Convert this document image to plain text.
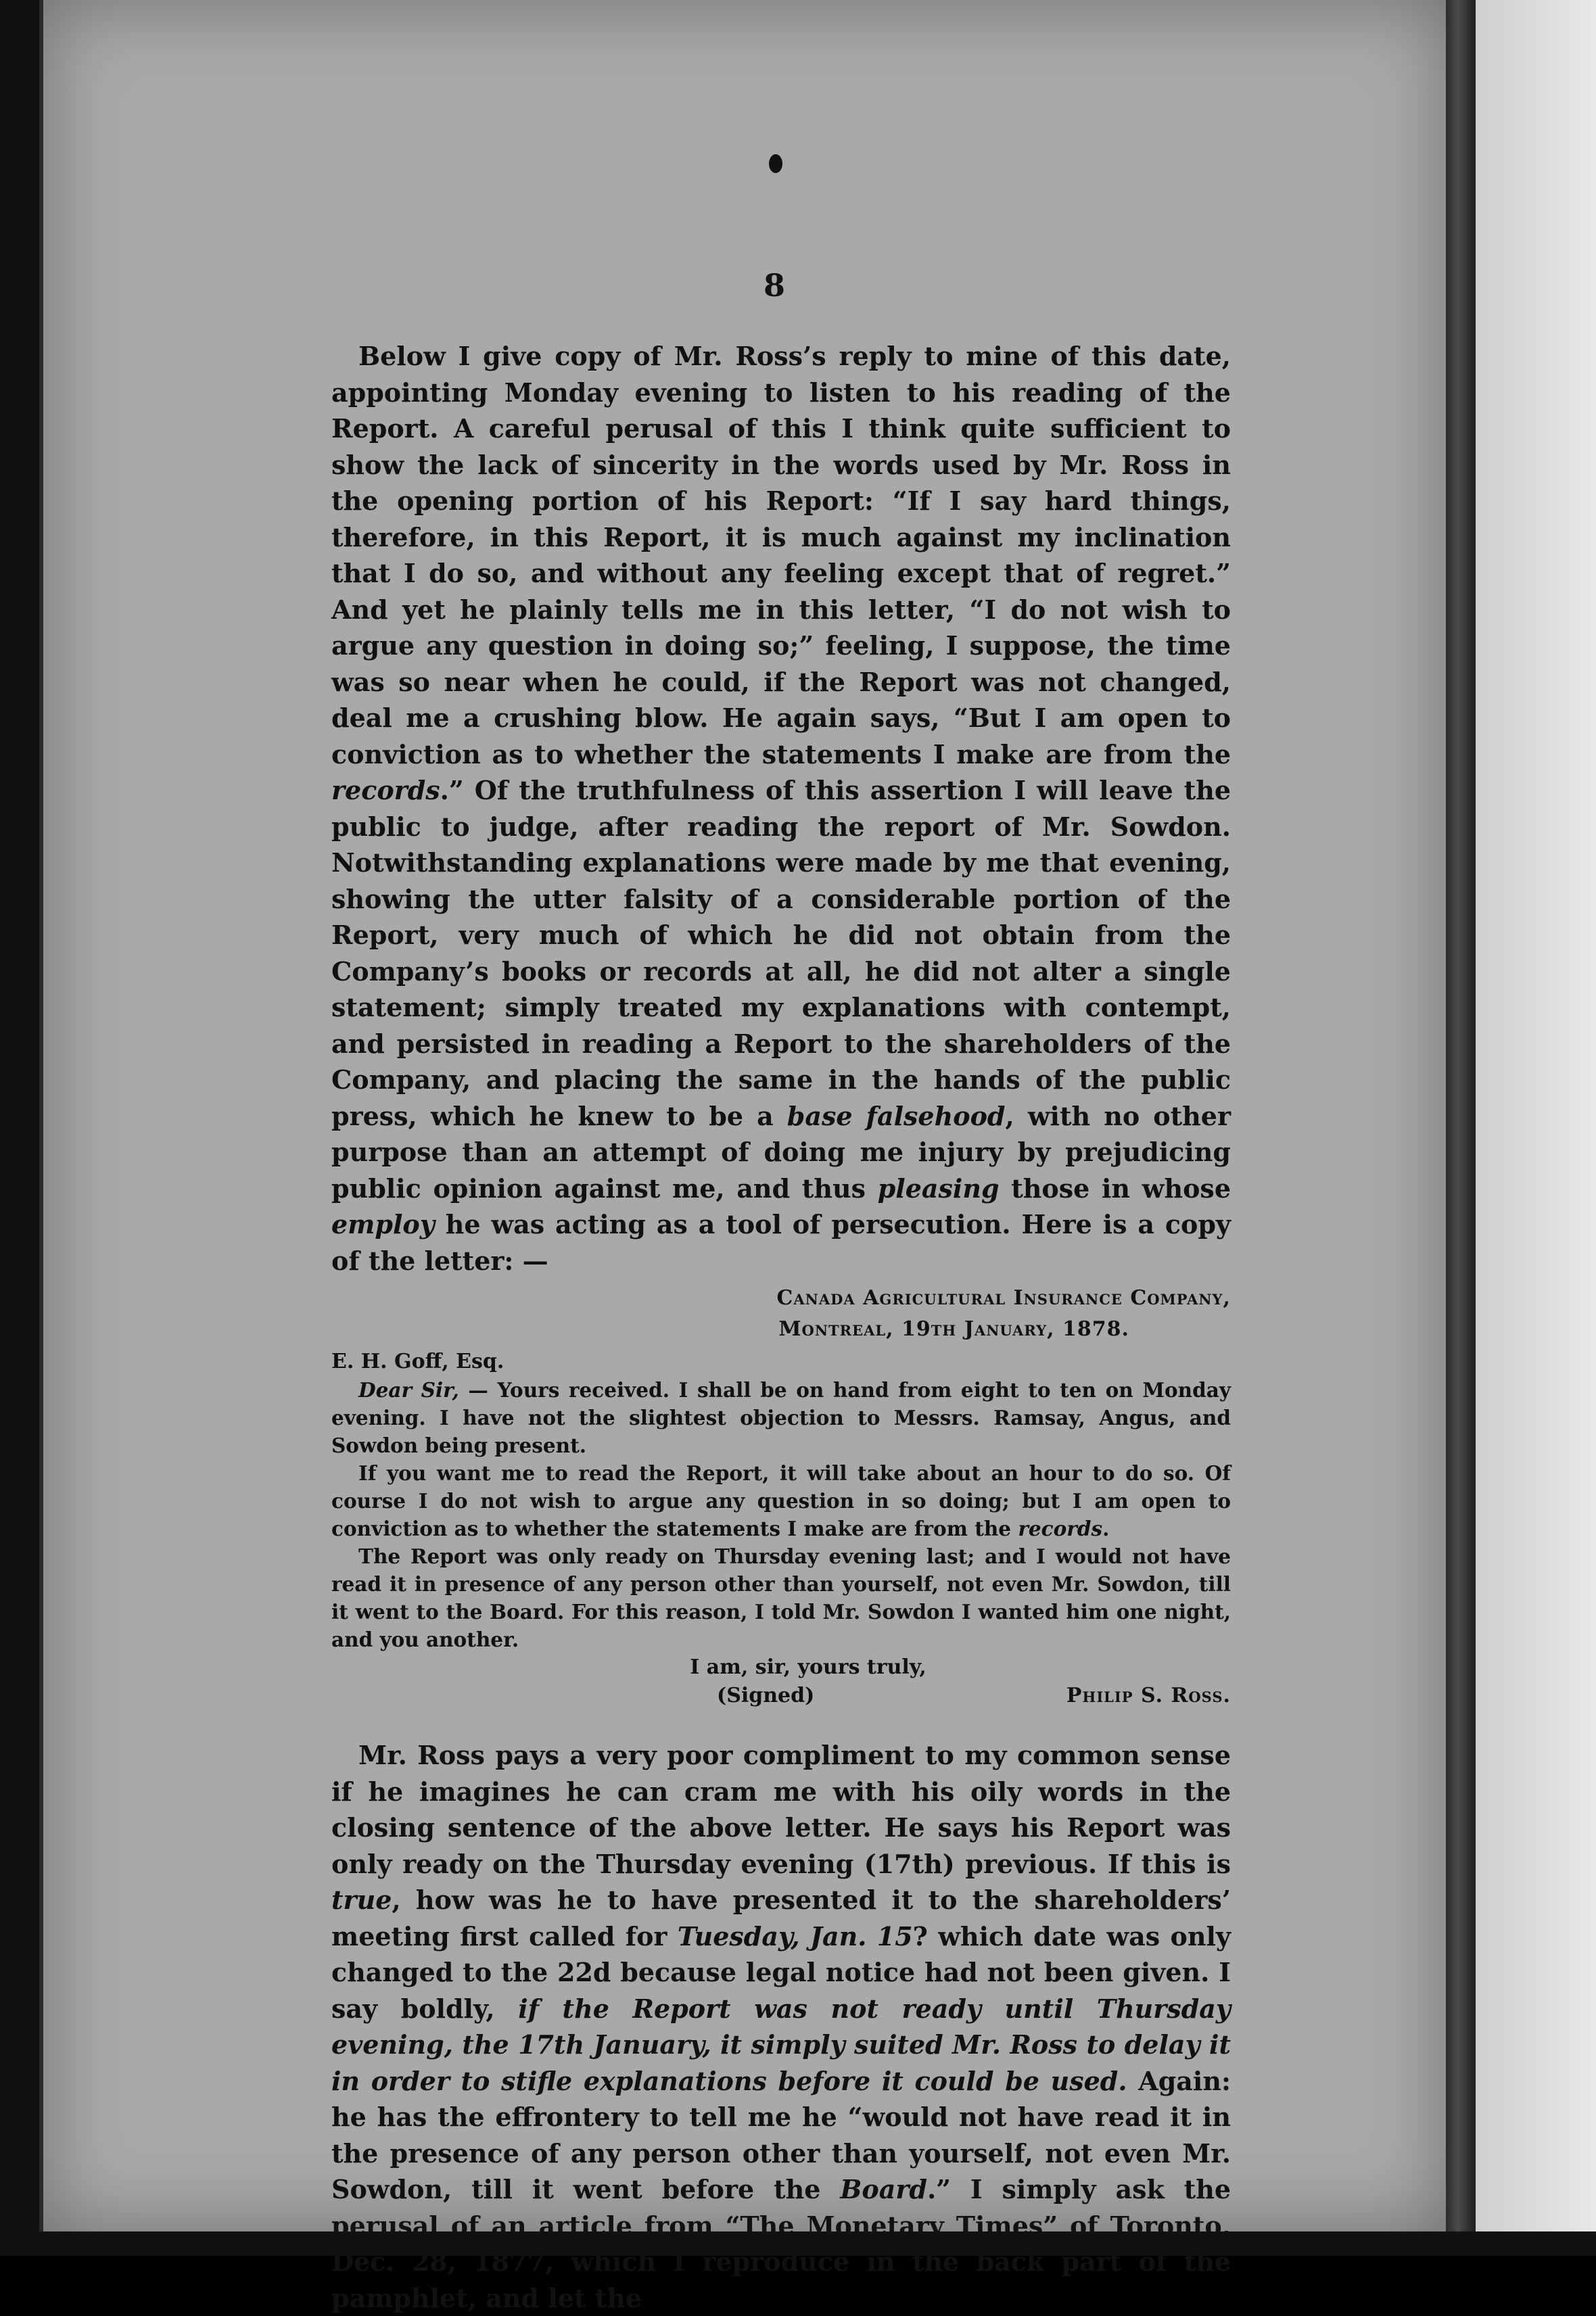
8

Below I give copy of Mr. Ross’s reply to mine of this date, appointing Monday evening to listen to his reading of the Report. A careful perusal of this I think quite sufficient to show the lack of sincerity in the words used by Mr. Ross in the opening portion of his Report: “If I say hard things, therefore, in this Report, it is much against my inclination that I do so, and without any feeling except that of regret.” And yet he plainly tells me in this letter, “I do not wish to argue any question in doing so;” feeling, I suppose, the time was so near when he could, if the Report was not changed, deal me a crushing blow. He again says, “But I am open to conviction as to whether the statements I make are from the records.” Of the truthfulness of this assertion I will leave the public to judge, after reading the report of Mr. Sowdon. Notwithstanding explanations were made by me that evening, showing the utter falsity of a considerable portion of the Report, very much of which he did not obtain from the Company’s books or records at all, he did not alter a single statement; simply treated my explanations with contempt, and persisted in reading a Report to the shareholders of the Company, and placing the same in the hands of the public press, which he knew to be a base falsehood, with no other purpose than an attempt of doing me injury by prejudicing public opinion against me, and thus pleasing those in whose employ he was acting as a tool of persecution. Here is a copy of the letter: —

Canada Agricultural Insurance Company,
Montreal, 19th January, 1878.
E. H. Goff, Esq.

Dear Sir, — Yours received. I shall be on hand from eight to ten on Monday evening. I have not the slightest objection to Messrs. Ramsay, Angus, and Sowdon being present.

If you want me to read the Report, it will take about an hour to do so. Of course I do not wish to argue any question in so doing; but I am open to conviction as to whether the statements I make are from the records.

The Report was only ready on Thursday evening last; and I would not have read it in presence of any person other than yourself, not even Mr. Sowdon, till it went to the Board. For this reason, I told Mr. Sowdon I wanted him one night, and you another.

I am, sir, yours truly,
(Signed)	Philip S. Ross.

Mr. Ross pays a very poor compliment to my common sense if he imagines he can cram me with his oily words in the closing sentence of the above letter. He says his Report was only ready on the Thursday evening (17th) previous. If this is true, how was he to have presented it to the shareholders’ meeting first called for Tuesday, Jan. 15? which date was only changed to the 22d because legal notice had not been given. I say boldly, if the Report was not ready until Thursday evening, the 17th January, it simply suited Mr. Ross to delay it in order to stifle explanations before it could be used. Again: he has the effrontery to tell me he “would not have read it in the presence of any person other than yourself, not even Mr. Sowdon, till it went before the Board.” I simply ask the perusal of an article from “The Monetary Times” of Toronto, Dec. 28, 1877, which I reproduce in the back part of the pamphlet, and let the
